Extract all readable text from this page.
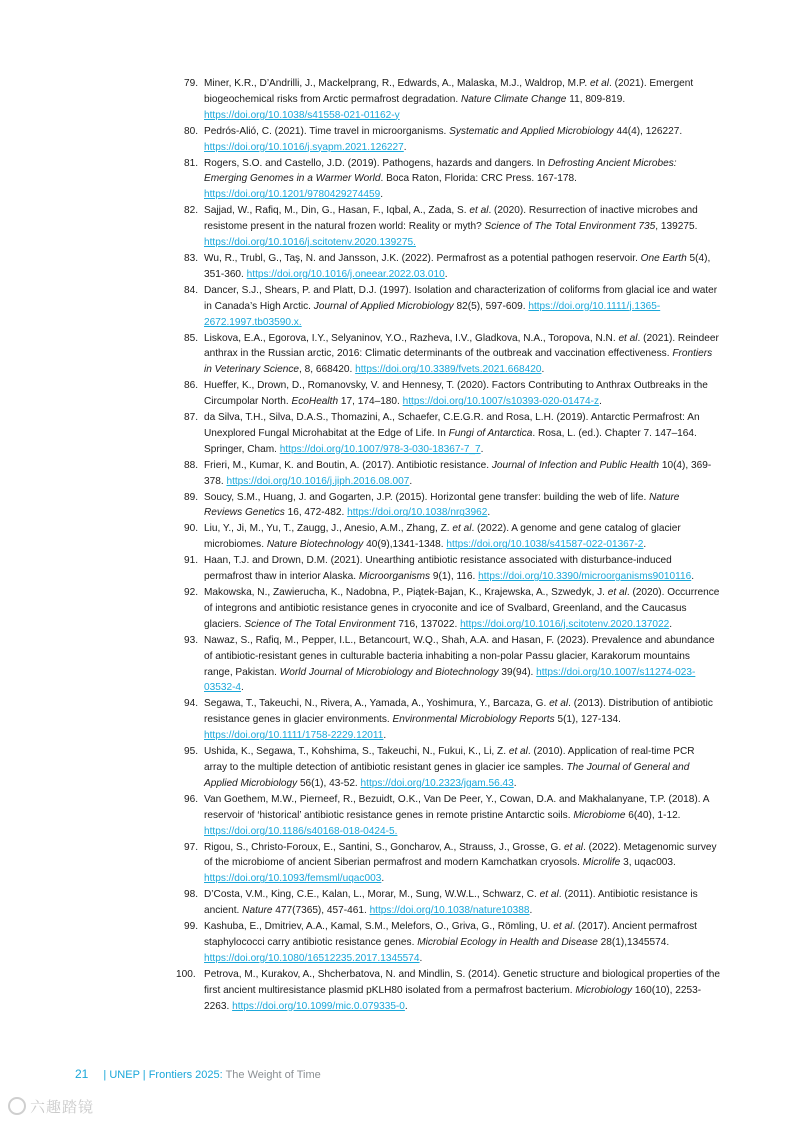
79. Miner, K.R., D’Andrilli, J., Mackelprang, R., Edwards, A., Malaska, M.J., Waldrop, M.P. et al. (2021). Emergent biogeochemical risks from Arctic permafrost degradation. Nature Climate Change 11, 809-819. https://doi.org/10.1038/s41558-021-01162-y
80. Pedrós-Alió, C. (2021). Time travel in microorganisms. Systematic and Applied Microbiology 44(4), 126227. https://doi.org/10.1016/j.syapm.2021.126227.
81. Rogers, S.O. and Castello, J.D. (2019). Pathogens, hazards and dangers. In Defrosting Ancient Microbes: Emerging Genomes in a Warmer World. Boca Raton, Florida: CRC Press. 167-178. https://doi.org/10.1201/9780429274459.
82. Sajjad, W., Rafiq, M., Din, G., Hasan, F., Iqbal, A., Zada, S. et al. (2020). Resurrection of inactive microbes and resistome present in the natural frozen world: Reality or myth? Science of The Total Environment 735, 139275. https://doi.org/10.1016/j.scitotenv.2020.139275.
83. Wu, R., Trubl, G., Taş, N. and Jansson, J.K. (2022). Permafrost as a potential pathogen reservoir. One Earth 5(4), 351-360. https://doi.org/10.1016/j.oneear.2022.03.010.
84. Dancer, S.J., Shears, P. and Platt, D.J. (1997). Isolation and characterization of coliforms from glacial ice and water in Canada’s High Arctic. Journal of Applied Microbiology 82(5), 597-609. https://doi.org/10.1111/j.1365-2672.1997.tb03590.x.
85. Liskova, E.A., Egorova, I.Y., Selyaninov, Y.O., Razheva, I.V., Gladkova, N.A., Toropova, N.N. et al. (2021). Reindeer anthrax in the Russian arctic, 2016: Climatic determinants of the outbreak and vaccination effectiveness. Frontiers in Veterinary Science, 8, 668420. https://doi.org/10.3389/fvets.2021.668420.
86. Hueffer, K., Drown, D., Romanovsky, V. and Hennesy, T. (2020). Factors Contributing to Anthrax Outbreaks in the Circumpolar North. EcoHealth 17, 174–180. https://doi.org/10.1007/s10393-020-01474-z.
87. da Silva, T.H., Silva, D.A.S., Thomazini, A., Schaefer, C.E.G.R. and Rosa, L.H. (2019). Antarctic Permafrost: An Unexplored Fungal Microhabitat at the Edge of Life. In Fungi of Antarctica. Rosa, L. (ed.). Chapter 7. 147–164. Springer, Cham. https://doi.org/10.1007/978-3-030-18367-7_7.
88. Frieri, M., Kumar, K. and Boutin, A. (2017). Antibiotic resistance. Journal of Infection and Public Health 10(4), 369-378. https://doi.org/10.1016/j.jiph.2016.08.007.
89. Soucy, S.M., Huang, J. and Gogarten, J.P. (2015). Horizontal gene transfer: building the web of life. Nature Reviews Genetics 16, 472-482. https://doi.org/10.1038/nrg3962.
90. Liu, Y., Ji, M., Yu, T., Zaugg, J., Anesio, A.M., Zhang, Z. et al. (2022). A genome and gene catalog of glacier microbiomes. Nature Biotechnology 40(9),1341-1348. https://doi.org/10.1038/s41587-022-01367-2.
91. Haan, T.J. and Drown, D.M. (2021). Unearthing antibiotic resistance associated with disturbance-induced permafrost thaw in interior Alaska. Microorganisms 9(1), 116. https://doi.org/10.3390/microorganisms9010116.
92. Makowska, N., Zawierucha, K., Nadobna, P., Piątek-Bajan, K., Krajewska, A., Szwedyk, J. et al. (2020). Occurrence of integrons and antibiotic resistance genes in cryoconite and ice of Svalbard, Greenland, and the Caucasus glaciers. Science of The Total Environment 716, 137022. https://doi.org/10.1016/j.scitotenv.2020.137022.
93. Nawaz, S., Rafiq, M., Pepper, I.L., Betancourt, W.Q., Shah, A.A. and Hasan, F. (2023). Prevalence and abundance of antibiotic-resistant genes in culturable bacteria inhabiting a non-polar Passu glacier, Karakorum mountains range, Pakistan. World Journal of Microbiology and Biotechnology 39(94). https://doi.org/10.1007/s11274-023-03532-4.
94. Segawa, T., Takeuchi, N., Rivera, A., Yamada, A., Yoshimura, Y., Barcaza, G. et al. (2013). Distribution of antibiotic resistance genes in glacier environments. Environmental Microbiology Reports 5(1), 127-134. https://doi.org/10.1111/1758-2229.12011.
95. Ushida, K., Segawa, T., Kohshima, S., Takeuchi, N., Fukui, K., Li, Z. et al. (2010). Application of real-time PCR array to the multiple detection of antibiotic resistant genes in glacier ice samples. The Journal of General and Applied Microbiology 56(1), 43-52. https://doi.org/10.2323/jgam.56.43.
96. Van Goethem, M.W., Pierneef, R., Bezuidt, O.K., Van De Peer, Y., Cowan, D.A. and Makhalanyane, T.P. (2018). A reservoir of ‘historical’ antibiotic resistance genes in remote pristine Antarctic soils. Microbiome 6(40), 1-12. https://doi.org/10.1186/s40168-018-0424-5.
97. Rigou, S., Christo-Foroux, E., Santini, S., Goncharov, A., Strauss, J., Grosse, G. et al. (2022). Metagenomic survey of the microbiome of ancient Siberian permafrost and modern Kamchatkan cryosols. Microlife 3, uqac003. https://doi.org/10.1093/femsml/uqac003.
98. D’Costa, V.M., King, C.E., Kalan, L., Morar, M., Sung, W.W.L., Schwarz, C. et al. (2011). Antibiotic resistance is ancient. Nature 477(7365), 457-461. https://doi.org/10.1038/nature10388.
99. Kashuba, E., Dmitriev, A.A., Kamal, S.M., Melefors, O., Griva, G., Römling, U. et al. (2017). Ancient permafrost staphylococci carry antibiotic resistance genes. Microbial Ecology in Health and Disease 28(1),1345574. https://doi.org/10.1080/16512235.2017.1345574.
100. Petrova, M., Kurakov, A., Shcherbatova, N. and Mindlin, S. (2014). Genetic structure and biological properties of the first ancient multiresistance plasmid pKLH80 isolated from a permafrost bacterium. Microbiology 160(10), 2253-2263. https://doi.org/10.1099/mic.0.079335-0.
21 | UNEP | Frontiers 2025: The Weight of Time
六趣踏镜
